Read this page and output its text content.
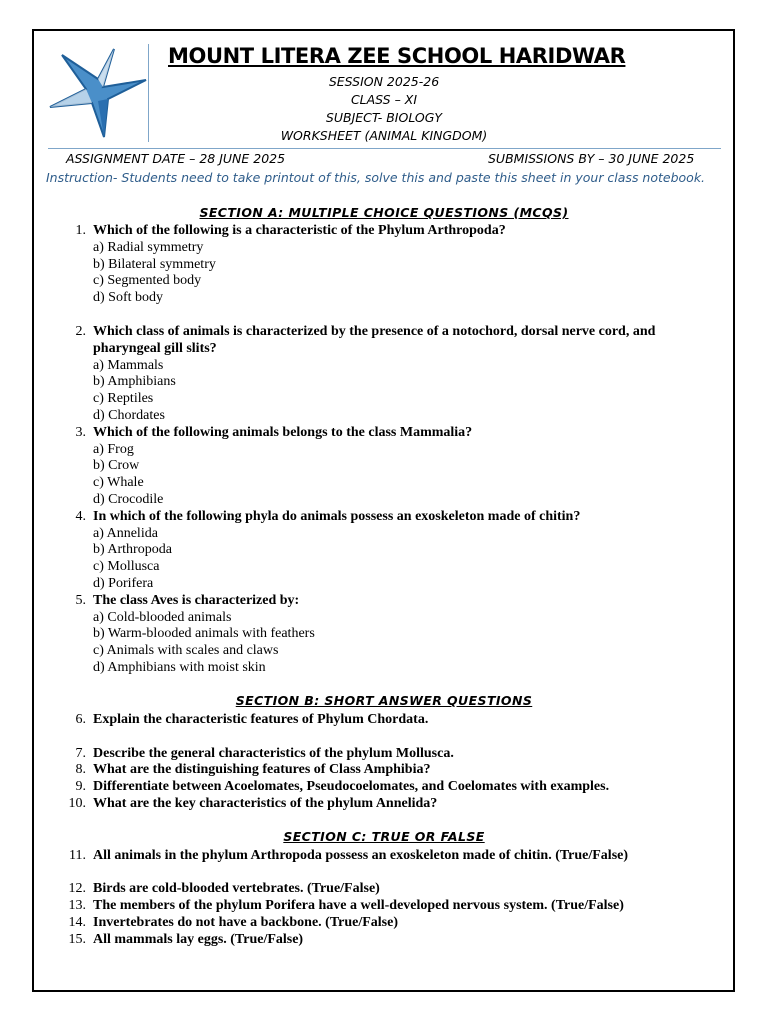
MOUNT LITERA ZEE SCHOOL HARIDWAR
SESSION 2025-26
CLASS – XI
SUBJECT- BIOLOGY
WORKSHEET (ANIMAL KINGDOM)
ASSIGNMENT DATE – 28 JUNE 2025	SUBMISSIONS BY – 30 JUNE 2025
Instruction- Students need to take printout of this, solve this and paste this sheet in your class notebook.
SECTION A: MULTIPLE CHOICE QUESTIONS (MCQS)
1. Which of the following is a characteristic of the Phylum Arthropoda?
a) Radial symmetry
b) Bilateral symmetry
c) Segmented body
d) Soft body
2. Which class of animals is characterized by the presence of a notochord, dorsal nerve cord, and pharyngeal gill slits?
a) Mammals
b) Amphibians
c) Reptiles
d) Chordates
3. Which of the following animals belongs to the class Mammalia?
a) Frog
b) Crow
c) Whale
d) Crocodile
4. In which of the following phyla do animals possess an exoskeleton made of chitin?
a) Annelida
b) Arthropoda
c) Mollusca
d) Porifera
5. The class Aves is characterized by:
a) Cold-blooded animals
b) Warm-blooded animals with feathers
c) Animals with scales and claws
d) Amphibians with moist skin
SECTION B: SHORT ANSWER QUESTIONS
6. Explain the characteristic features of Phylum Chordata.
7. Describe the general characteristics of the phylum Mollusca.
8. What are the distinguishing features of Class Amphibia?
9. Differentiate between Acoelomates, Pseudocoelomates, and Coelomates with examples.
10. What are the key characteristics of the phylum Annelida?
SECTION C: TRUE OR FALSE
11. All animals in the phylum Arthropoda possess an exoskeleton made of chitin. (True/False)
12. Birds are cold-blooded vertebrates. (True/False)
13. The members of the phylum Porifera have a well-developed nervous system. (True/False)
14. Invertebrates do not have a backbone. (True/False)
15. All mammals lay eggs. (True/False)
